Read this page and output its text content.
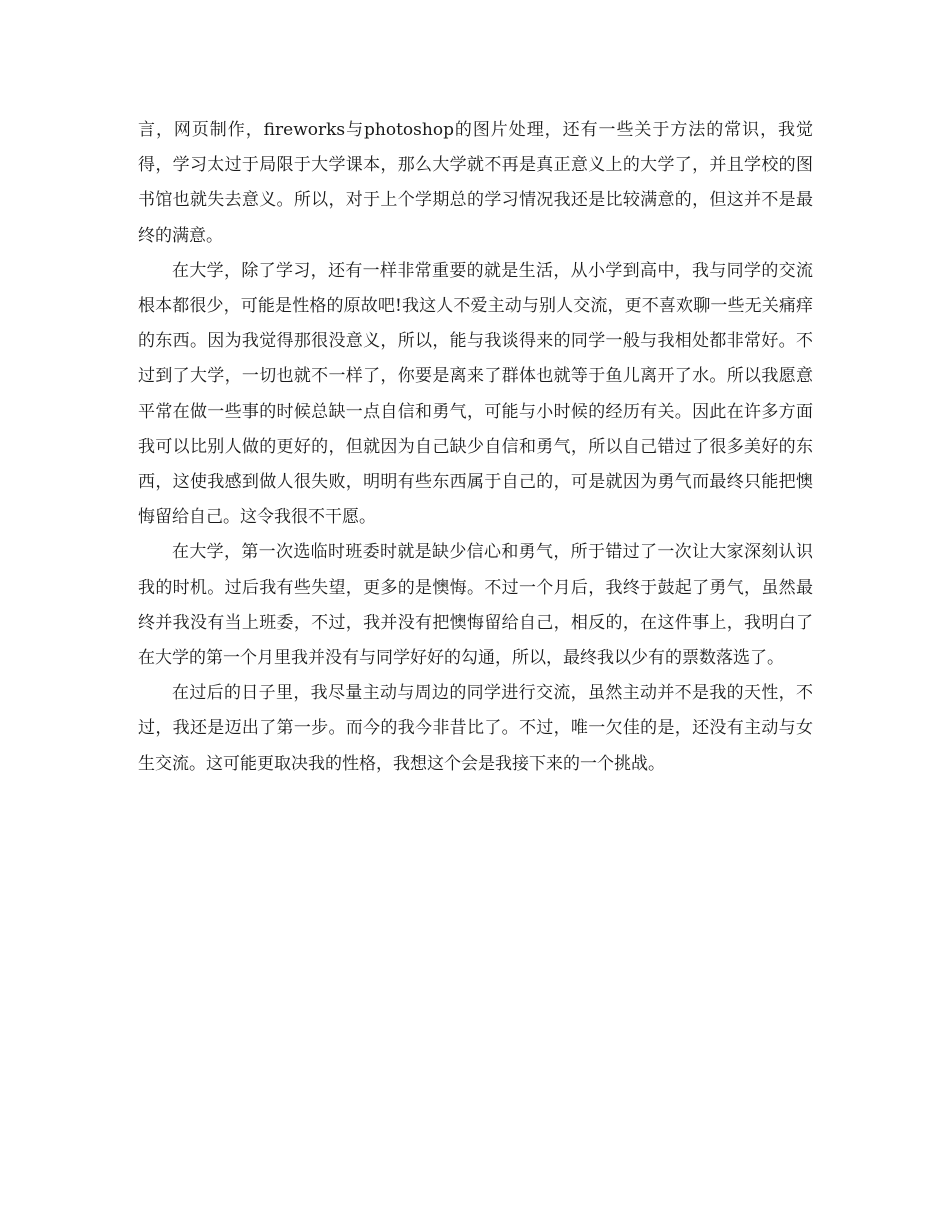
言，网页制作，fireworks与photoshop的图片处理，还有一些关于方法的常识，我觉得，学习太过于局限于大学课本，那么大学就不再是真正意义上的大学了，并且学校的图书馆也就失去意义。所以，对于上个学期总的学习情况我还是比较满意的，但这并不是最终的满意。

在大学，除了学习，还有一样非常重要的就是生活，从小学到高中，我与同学的交流根本都很少，可能是性格的原故吧!我这人不爱主动与别人交流，更不喜欢聊一些无关痛痒的东西。因为我觉得那很没意义，所以，能与我谈得来的同学一般与我相处都非常好。不过到了大学，一切也就不一样了，你要是离来了群体也就等于鱼儿离开了水。所以我愿意平常在做一些事的时候总缺一点自信和勇气，可能与小时候的经历有关。因此在许多方面我可以比别人做的更好的，但就因为自己缺少自信和勇气，所以自己错过了很多美好的东西，这使我感到做人很失败，明明有些东西属于自己的，可是就因为勇气而最终只能把懊悔留给自己。这令我很不干愿。

在大学，第一次选临时班委时就是缺少信心和勇气，所于错过了一次让大家深刻认识我的时机。过后我有些失望，更多的是懊悔。不过一个月后，我终于鼓起了勇气，虽然最终并我没有当上班委，不过，我并没有把懊悔留给自己，相反的，在这件事上，我明白了在大学的第一个月里我并没有与同学好好的勾通，所以，最终我以少有的票数落选了。

在过后的日子里，我尽量主动与周边的同学进行交流，虽然主动并不是我的天性，不过，我还是迈出了第一步。而今的我今非昔比了。不过，唯一欠佳的是，还没有主动与女生交流。这可能更取决我的性格，我想这个会是我接下来的一个挑战。
